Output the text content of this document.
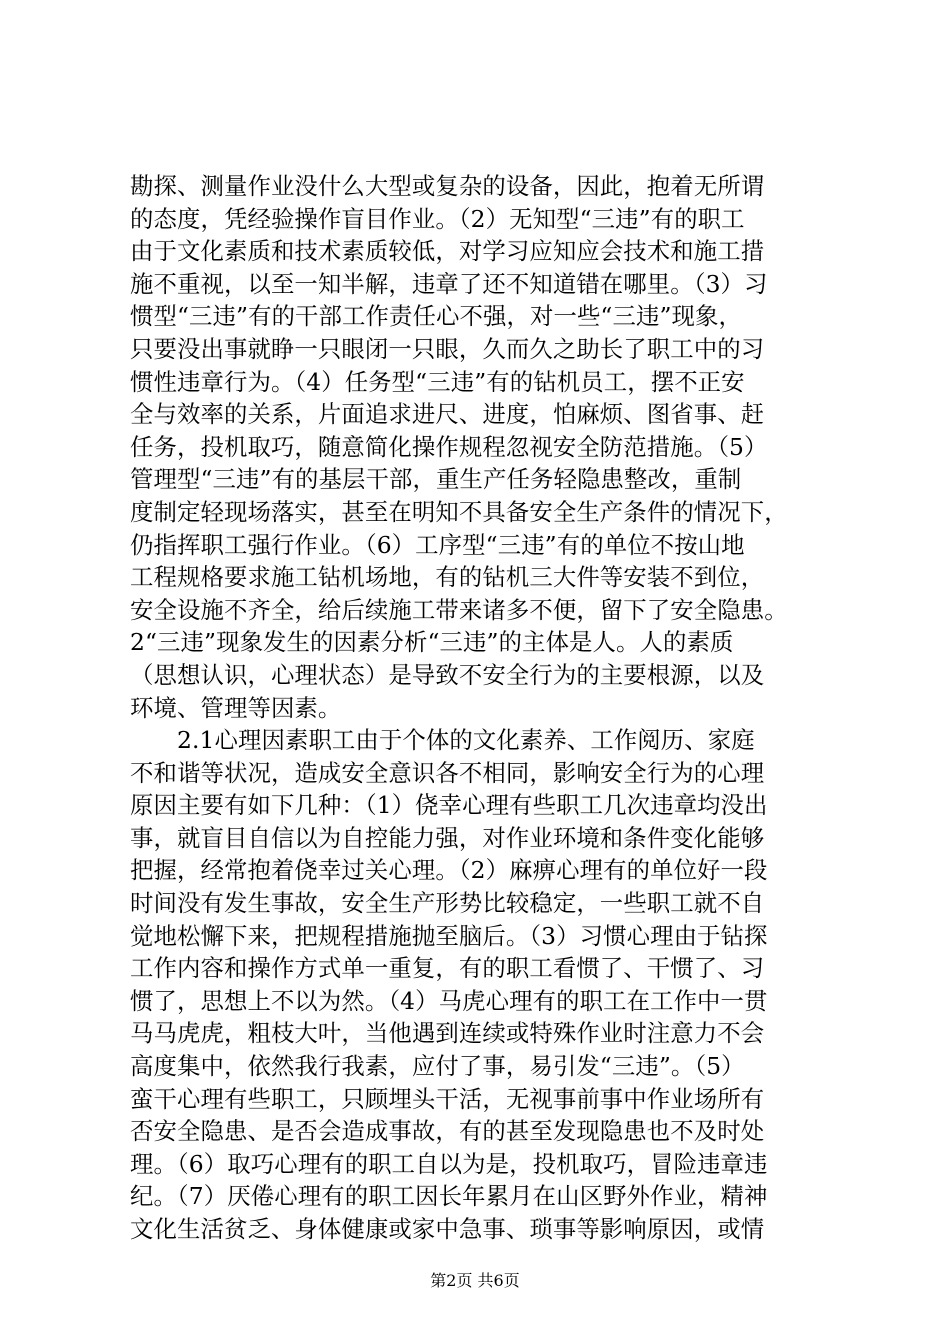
勘探、测量作业没什么大型或复杂的设备，因此，抱着无所谓
的态度，凭经验操作盲目作业。（2）无知型“三违”有的职工
由于文化素质和技术素质较低，对学习应知应会技术和施工措
施不重视，以至一知半解，违章了还不知道错在哪里。（3）习
惯型“三违”有的干部工作责任心不强，对一些“三违”现象，
只要没出事就睁一只眼闭一只眼，久而久之助长了职工中的习
惯性违章行为。（4）任务型“三违”有的钻机员工，摆不正安
全与效率的关系，片面追求进尺、进度，怕麻烦、图省事、赶
任务，投机取巧，随意简化操作规程忽视安全防范措施。（5）
管理型“三违”有的基层干部，重生产任务轻隐患整改，重制
度制定轻现场落实，甚至在明知不具备安全生产条件的情况下，
仍指挥职工强行作业。（6）工序型“三违”有的单位不按山地
工程规格要求施工钻机场地，有的钻机三大件等安装不到位，
安全设施不齐全，给后续施工带来诸多不便，留下了安全隐患。
2“三违”现象发生的因素分析“三违”的主体是人。人的素质
（思想认识，心理状态）是导致不安全行为的主要根源，以及
环境、管理等因素。
　　2.1心理因素职工由于个体的文化素养、工作阅历、家庭
不和谐等状况，造成安全意识各不相同，影响安全行为的心理
原因主要有如下几种：（1）侥幸心理有些职工几次违章均没出
事，就盲目自信以为自控能力强，对作业环境和条件变化能够
把握，经常抱着侥幸过关心理。（2）麻痹心理有的单位好一段
时间没有发生事故，安全生产形势比较稳定，一些职工就不自
觉地松懈下来，把规程措施抛至脑后。（3）习惯心理由于钻探
工作内容和操作方式单一重复，有的职工看惯了、干惯了、习
惯了，思想上不以为然。（4）马虎心理有的职工在工作中一贯
马马虎虎，粗枝大叶，当他遇到连续或特殊作业时注意力不会
高度集中，依然我行我素，应付了事，易引发“三违”。（5）
蛮干心理有些职工，只顾埋头干活，无视事前事中作业场所有
否安全隐患、是否会造成事故，有的甚至发现隐患也不及时处
理。（6）取巧心理有的职工自以为是，投机取巧，冒险违章违
纪。（7）厌倦心理有的职工因长年累月在山区野外作业，精神
文化生活贫乏、身体健康或家中急事、琐事等影响原因，或情
第2页 共6页
